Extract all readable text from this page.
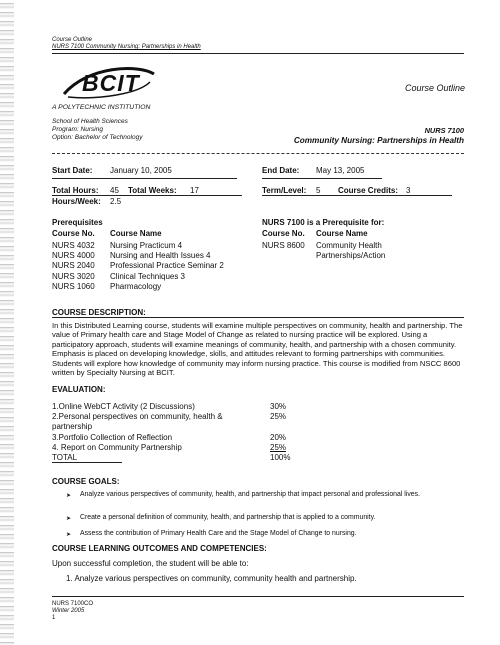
Course Outline
NURS 7100 Community Nursing: Partnerships in Health
BCIT
A POLYTECHNIC INSTITUTION
Course Outline
School of Health Sciences
Program: Nursing
Option: Bachelor of Technology
NURS 7100
Community Nursing: Partnerships in Health
Start Date: January 10, 2005	End Date: May 13, 2005
Total Hours: 45 Total Weeks: 17	Term/Level: 5 Course Credits: 3
Hours/Week: 2.5
Prerequisites
Course No. Course Name
NURS 4032 Nursing Practicum 4
NURS 4000 Nursing and Health Issues 4
NURS 2040 Professional Practice Seminar 2
NURS 3020 Clinical Techniques 3
NURS 1060 Pharmacology
NURS 7100 is a Prerequisite for:
Course No. Course Name
NURS 8600 Community Health
Partnerships/Action
COURSE DESCRIPTION:
In this Distributed Learning course, students will examine multiple perspectives on community, health and partnership. The value of Primary health care and Stage Model of Change as related to nursing practice will be explored. Using a participatory approach, students will examine meanings of community, health, and partnership with a chosen community. Emphasis is placed on developing knowledge, skills, and attitudes relevant to forming partnerships with communities. Students will explore how knowledge of community may inform nursing practice. This course is modified from NSCC 8600 written by Specialty Nursing at BCIT.
EVALUATION:
1.Online WebCT Activity (2 Discussions)	30%
2.Personal perspectives on community, health & partnership
25%
3.Portfolio Collection of Reflection	20%
4. Report on Community Partnership	25%
TOTAL	100%
COURSE GOALS:
➤ Analyze various perspectives of community, health, and partnership that impact personal and professional lives.
➤ Create a personal definition of community, health, and partnership that is applied to a community.
➤ Assess the contribution of Primary Health Care and the Stage Model of Change to nursing.
COURSE LEARNING OUTCOMES AND COMPETENCIES:
Upon successful completion, the student will be able to:
1. Analyze various perspectives on community, community health and partnership.
NURS 7100CO
Winter 2005
1
